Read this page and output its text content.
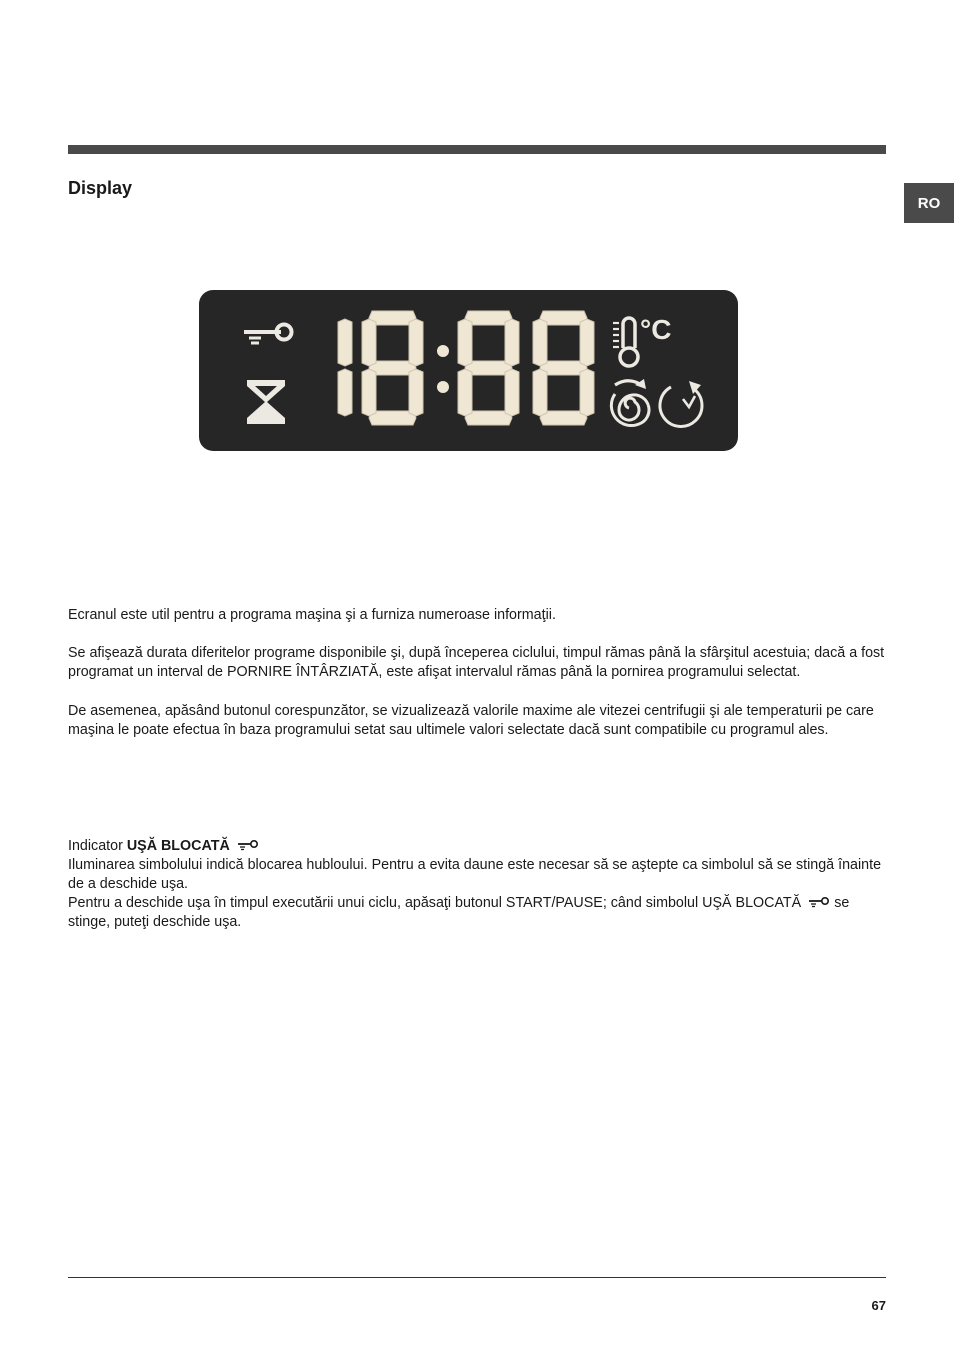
Display
RO
°C

Ecranul este util pentru a programa maşina şi a furniza numeroase informaţii.

Se afişează durata diferitelor programe disponibile şi, după începerea ciclului, timpul rămas până la sfârşitul acestuia; dacă a fost programat un interval de PORNIRE ÎNTÂRZIATĂ, este afişat intervalul rămas până la pornirea programului selectat.

De asemenea, apăsând butonul corespunzător, se vizualizează valorile maxime ale vitezei centrifugii şi ale temperaturii pe care maşina le poate efectua în baza programului setat sau ultimele valori selectate dacă sunt compatibile cu programul ales.

Indicator UŞĂ BLOCATĂ

Iluminarea simbolului indică blocarea hubloului. Pentru a evita daune este necesar să se aştepte ca simbolul să se stingă înainte de a deschide uşa.

Pentru a deschide uşa în timpul executării unui ciclu, apăsaţi butonul START/PAUSE; când simbolul UŞĂ BLOCATĂ se stinge, puteţi deschide uşa.

67
